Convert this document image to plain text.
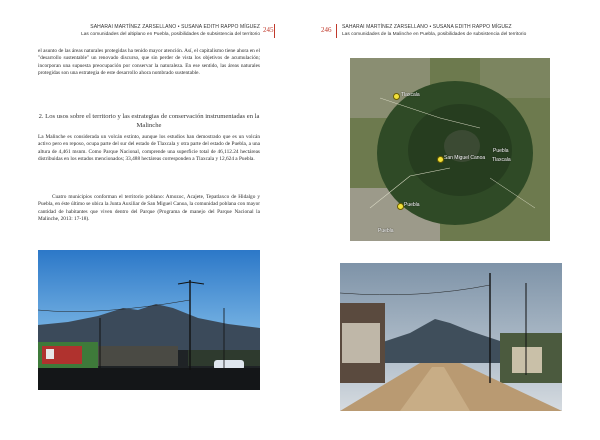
SAHARAI MARTÍNEZ ZARSELLANO • SUSANA EDITH RAPPO MÍGUEZ
Las comunidades del altiplano en Puebla, posibilidades de subsistencia del territorio
245
el asunto de las áreas naturales protegidas ha tenido mayor atención. Así, el capitalismo tiene ahora en el "desarrollo sustentable" un renovado discurso, que sin perder de vista los objetivos de acumulación; incorporan una supuesta preocupación por conservar la naturaleza. En ese sentido, las áreas naturales protegidas son una estrategia de este desarrollo ahora nombrado sustentable.
2. Los usos sobre el territorio y las estrategias de conservación instrumentadas en la Malinche
La Malinche es considerada un volcán extinto, aunque los estudios han demostrado que es un volcán activo pero en reposo, ocupa parte del sur del estado de Tlaxcala y otra parte del estado de Puebla, a una altura de 4,461 msnm. Como Parque Nacional, comprende una superficie total de 46,112.24 hectáreas distribuidas en los estados mencionados; 33,488 hectáreas corresponden a Tlaxcala y 12,624 a Puebla.
Cuatro municipios conforman el territorio poblano: Amozoc, Acajete, Tepatlaxco de Hidalgo y Puebla, en éste último se ubica la Junta Auxiliar de San Miguel Canoa, la comunidad poblana con mayor cantidad de habitantes que viven dentro del Parque (Programa de manejo del Parque Nacional la Malinche, 2013: 17-18).
246 SAHARAI MARTÍNEZ ZARSELLANO • SUSANA EDITH RAPPO MÍGUEZ
Las comunidades de la Malinche en Puebla, posibilidades de subsistencia del territorio
Tlaxcala
San Miguel Canoa
Puebla
Tlaxcala
Puebla
Puebla
